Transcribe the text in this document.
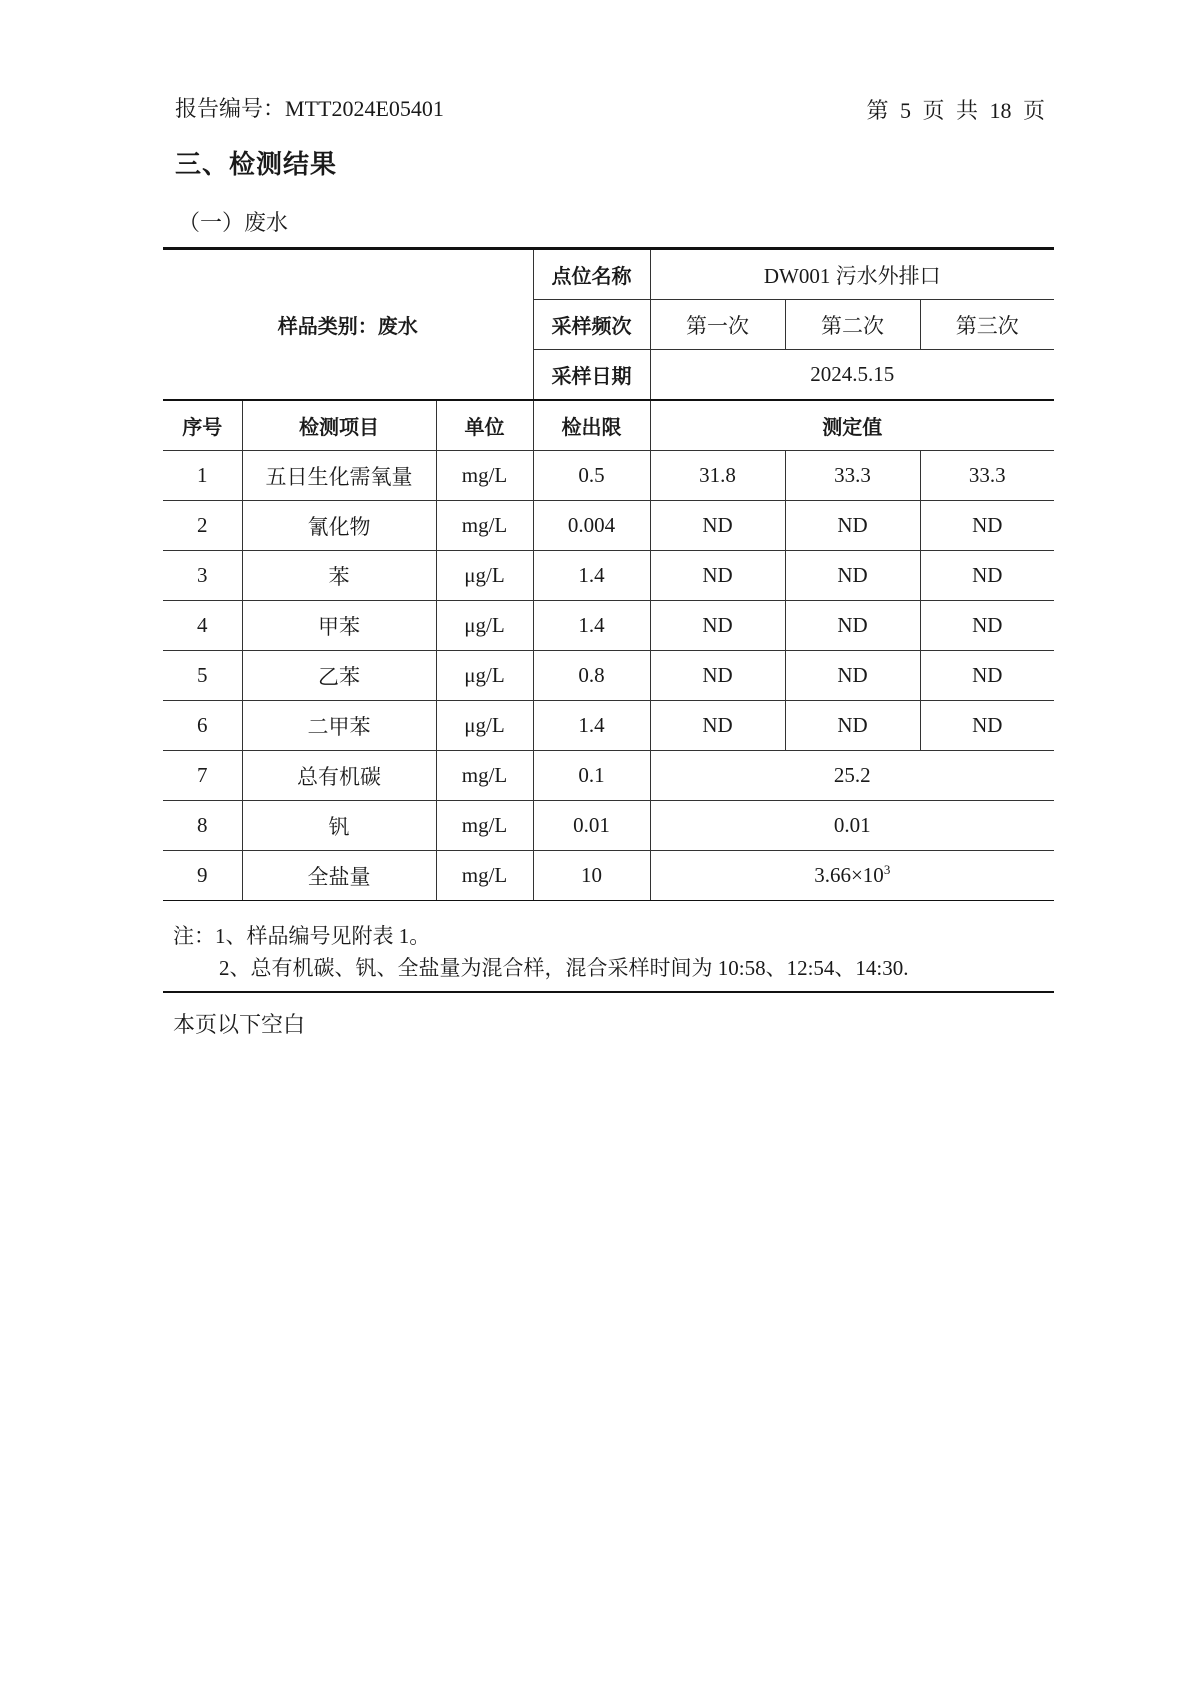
报告编号：MTT2024E05401	第 5 页 共 18 页
三、检测结果
（一）废水
样品类别：废水			点位名称	DW001 污水外排口		
			采样频次	第一次	第二次	第三次
			采样日期	2024.5.15		
序号	检测项目	单位	检出限	测定值		
1	五日生化需氧量	mg/L	0.5	31.8	33.3	33.3
2	氰化物	mg/L	0.004	ND	ND	ND
3	苯	μg/L	1.4	ND	ND	ND
4	甲苯	μg/L	1.4	ND	ND	ND
5	乙苯	μg/L	0.8	ND	ND	ND
6	二甲苯	μg/L	1.4	ND	ND	ND
7	总有机碳	mg/L	0.1	25.2		
8	钒	mg/L	0.01	0.01		
9	全盐量	mg/L	10	$3.66\times 10^3$
注：1、样品编号见附表 1。
2、总有机碳、钒、全盐量为混合样，混合采样时间为 10:58、12:54、14:30.
本页以下空白
